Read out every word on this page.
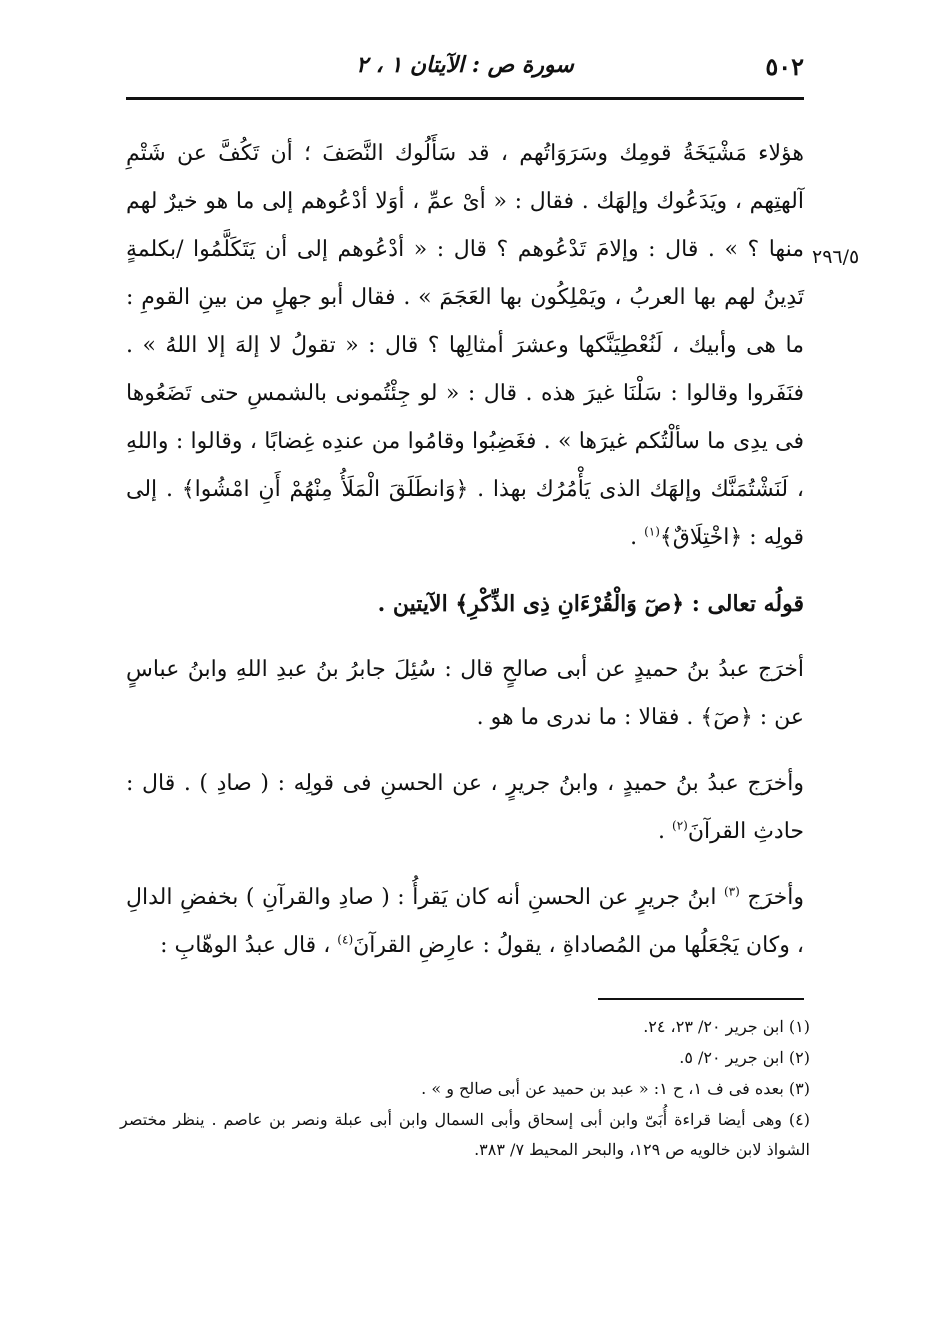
٥٠٢
سورة ص : الآيتان ١ ، ٢
٢٩٦/٥

هؤلاء مَشْيَخَةُ قومِك وسَرَوَاتُهم ، قد سَأَلُوك النَّصَفَ ؛ أن تَكُفَّ عن شَتْمِ آلهتِهم ، ويَدَعُوك وإلهَك . فقال : « أىْ عمِّ ، أوَلا أدْعُوهم إلى ما هو خيرٌ لهم منها ؟ » . قال : وإلامَ تَدْعُوهم ؟ قال : « أدْعُوهم إلى أن يَتَكَلَّمُوا /بكلمةٍ تَدِينُ لهم بها العربُ ، ويَمْلِكُون بها العَجَمَ » . فقال أبو جهلٍ من بينِ القومِ : ما هى وأبيك ، لَنُعْطِيَنَّكها وعشرَ أمثالِها ؟ قال : « تقولُ لا إلهَ إلا اللهُ » . فنَفَروا وقالوا : سَلْنَا غيرَ هذه . قال : « لو جِئْتُمونى بالشمسِ حتى تَضَعُوها فى يدِى ما سألْتُكم غيرَها » . فغَضِبُوا وقامُوا من عندِه غِضابًا ، وقالوا : واللهِ ، لَنَشْتُمَنَّك وإلهَك الذى يَأْمُرُك بهذا . ﴿وَانطَلَقَ الْمَلَأُ مِنْهُمْ أَنِ امْشُوا﴾ . إلى قولِه : ﴿اخْتِلَاقٌ﴾$^{(١)}$ .

قولُه تعالى : ﴿صٓ وَالْقُرْءَانِ ذِى الذِّكْرِ﴾ الآيتين .

أخرَج عبدُ بنُ حميدٍ عن أبى صالحٍ قال : سُئِلَ جابرُ بنُ عبدِ اللهِ وابنُ عباسٍ عن : ﴿صٓ﴾ . فقالا : ما ندرى ما هو .

وأخرَج عبدُ بنُ حميدٍ ، وابنُ جريرٍ ، عن الحسنِ فى قولِه : ( صادِ ) . قال : حادثِ القرآنَ$^{(٢)}$ .

وأخرَج $^{(٣)}$ ابنُ جريرٍ عن الحسنِ أنه كان يَقرأُ : ( صادِ والقرآنِ ) بخفضِ الدالِ ، وكان يَجْعَلُها من المُصاداةِ ، يقولُ : عارِضِ القرآنَ$^{(٤)}$ ، قال عبدُ الوهّابِ :

(١) ابن جرير ٢٠/ ٢٣، ٢٤.

(٢) ابن جرير ٢٠/ ٥.

(٣) بعده فى ف ١، ح ١: « عبد بن حميد عن أبى صالح و » .

(٤) وهى أيضا قراءة أُبَىّ وابن أبى إسحاق وأبى السمال وابن أبى عبلة ونصر بن عاصم . ينظر مختصر الشواذ لابن خالويه ص ١٢٩، والبحر المحيط ٧/ ٣٨٣.
